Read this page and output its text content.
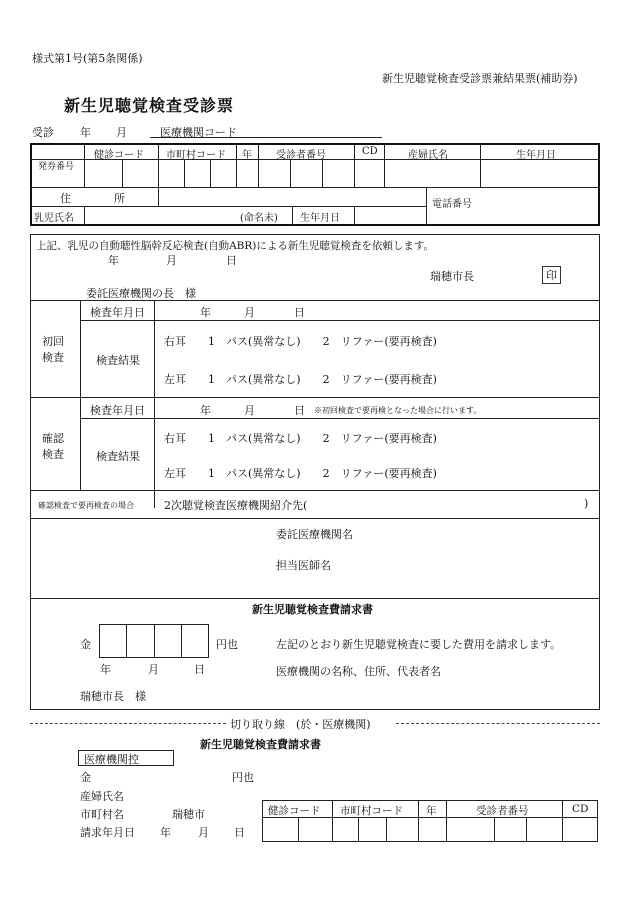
様式第1号(第5条関係)
新生児聴覚検査受診票兼結果票(補助券)
新生児聴覚検査受診票
受診 年 月	医療機関コード
発券番号
健診コード 市町村コード 年 受診者番号	CD	産婦氏名	生年月日
住	所	電話番号
乳児氏名	(命名未) 生年月日
上記、乳児の自動聴性脳幹反応検査(自動ABR)による新生児聴覚検査を依頼します。
年	月	日
瑞穂市長	印
委託医療機関の長　様
初回
検査
検査年月日	年	月	日
検査結果
右耳　　1　パス(異常なし)　　2　リファー(要再検査)
左耳　　1　パス(異常なし)　　2　リファー(要再検査)
確認
検査
検査年月日	年	月	日 ※初回検査で要再検となった場合に行います。
検査結果
右耳　　1　パス(異常なし)　　2　リファー(要再検査)
左耳　　1　パス(異常なし)　　2　リファー(要再検査)
確認検査で要再検査の場合	2次聴覚検査医療機関紹介先(	)
委託医療機関名
担当医師名
新生児聴覚検査費請求書
金	円也	左記のとおり新生児聴覚検査に要した費用を請求します。
年	月	日	医療機関の名称、住所、代表者名
瑞穂市長　様
切り取り線　(於・医療機関)
新生児聴覚検査費請求書
医療機関控
金	円也
産婦氏名
市町村名	瑞穂市
請求年月日 年 月 日
健診コード 市町村コード 年	受診者番号	CD
